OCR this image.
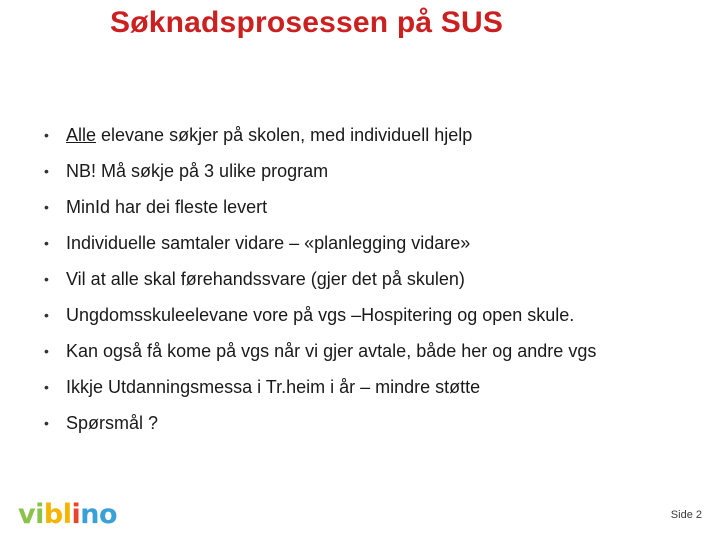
Søknadsprosessen på SUS
• Alle elevane søkjer på skolen, med individuell hjelp
• NB! Må søkje på 3 ulike program
• MinId har dei fleste levert
• Individuelle samtaler vidare – «planlegging vidare»
• Vil at alle skal førehandssvare (gjer det på skulen)
• Ungdomsskuleelevane vore på vgs –Hospitering og open skule.
• Kan også få kome på vgs når vi gjer avtale, både her og andre vgs
• Ikkje Utdanningsmessa i Tr.heim i år – mindre støtte
• Spørsmål ?
viblino	Side 2
